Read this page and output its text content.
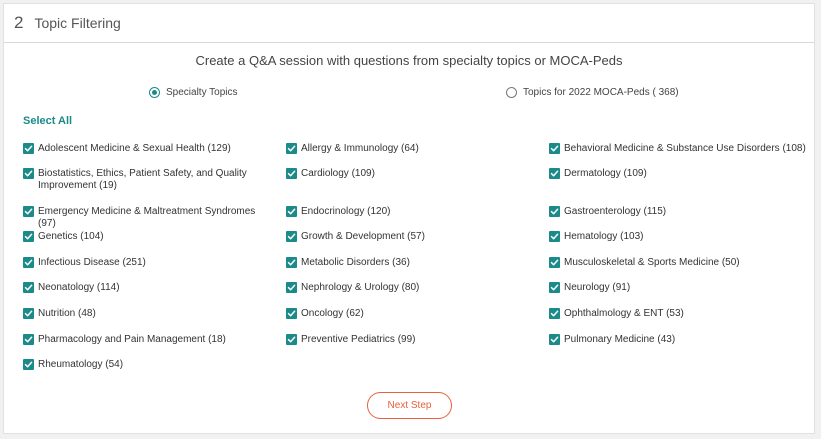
2 Topic Filtering
Create a Q&A session with questions from specialty topics or MOCA-Peds
Specialty Topics	Topics for 2022 MOCA-Peds ( 368)
Select All
Adolescent Medicine & Sexual Health (129)
Biostatistics, Ethics, Patient Safety, and Quality Improvement (19)
Emergency Medicine & Maltreatment Syndromes (97)
Genetics (104)
Infectious Disease (251)
Neonatology (114)
Nutrition (48)
Pharmacology and Pain Management (18)
Rheumatology (54)
Allergy & Immunology (64)
Cardiology (109)
Endocrinology (120)
Growth & Development (57)
Metabolic Disorders (36)
Nephrology & Urology (80)
Oncology (62)
Preventive Pediatrics (99)
Behavioral Medicine & Substance Use Disorders (108)
Dermatology (109)
Gastroenterology (115)
Hematology (103)
Musculoskeletal & Sports Medicine (50)
Neurology (91)
Ophthalmology & ENT (53)
Pulmonary Medicine (43)
Next Step
